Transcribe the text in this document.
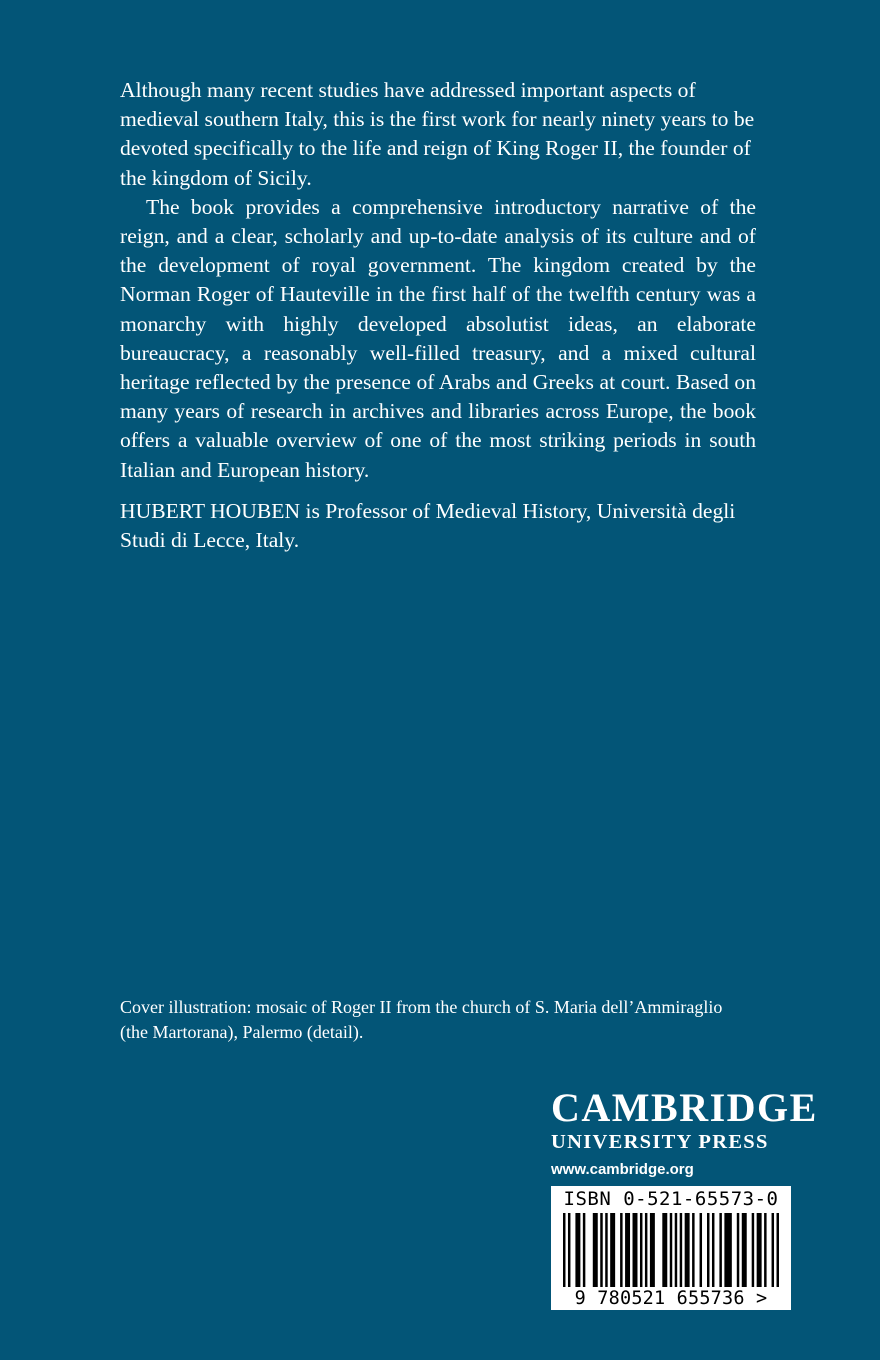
Although many recent studies have addressed important aspects of medieval southern Italy, this is the first work for nearly ninety years to be devoted specifically to the life and reign of King Roger II, the founder of the kingdom of Sicily.

The book provides a comprehensive introductory narrative of the reign, and a clear, scholarly and up-to-date analysis of its culture and of the development of royal government. The kingdom created by the Norman Roger of Hauteville in the first half of the twelfth century was a monarchy with highly developed absolutist ideas, an elaborate bureaucracy, a reasonably well-filled treasury, and a mixed cultural heritage reflected by the presence of Arabs and Greeks at court. Based on many years of research in archives and libraries across Europe, the book offers a valuable overview of one of the most striking periods in south Italian and European history.

HUBERT HOUBEN is Professor of Medieval History, Università degli Studi di Lecce, Italy.
Cover illustration: mosaic of Roger II from the church of S. Maria dell’Ammiraglio (the Martorana), Palermo (detail).
CAMBRIDGE
UNIVERSITY PRESS
www.cambridge.org
ISBN 0-521-65573-0
9 780521 655736 >
